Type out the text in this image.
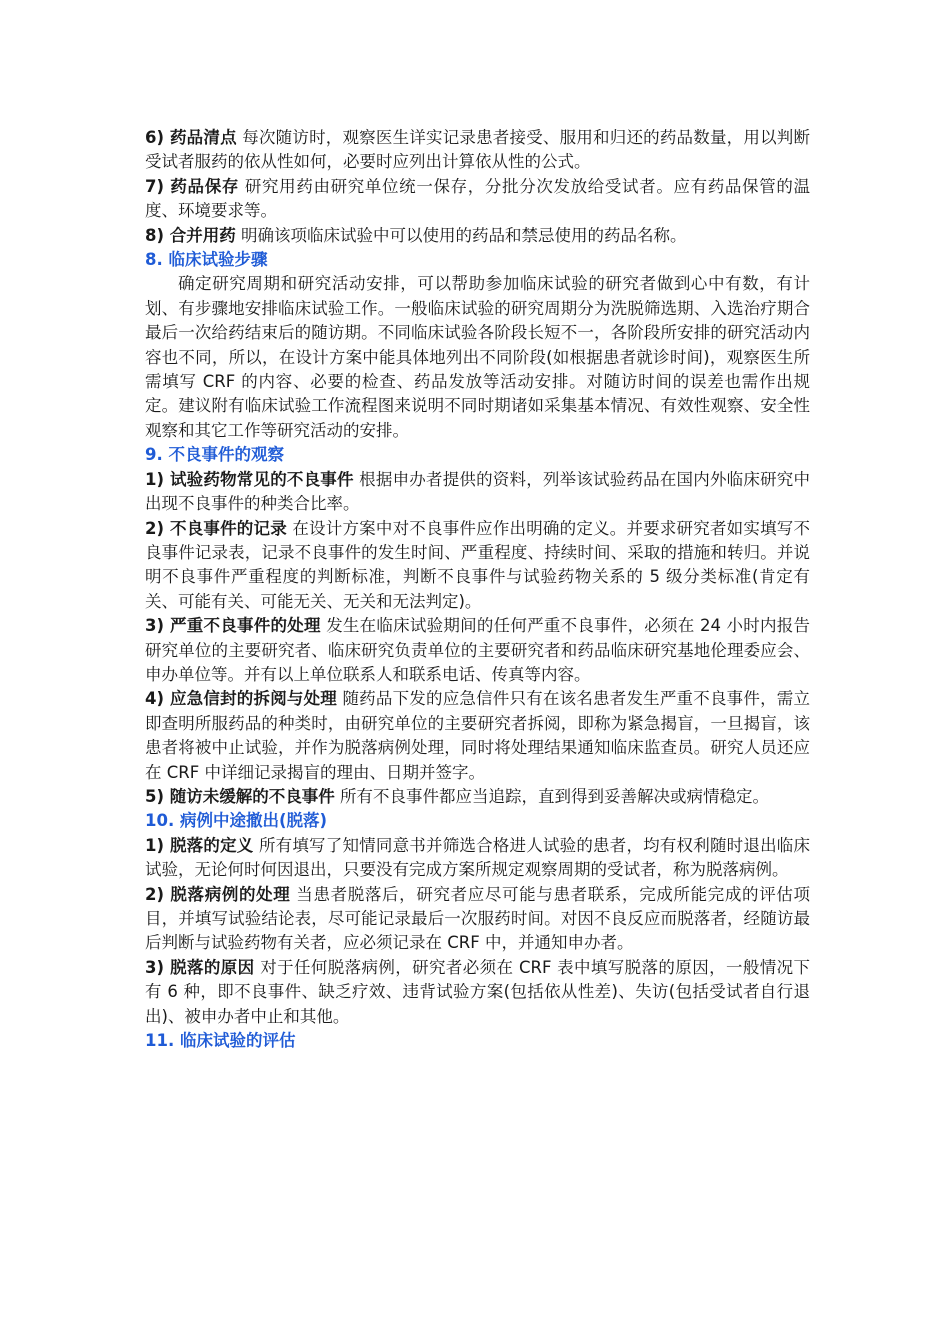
6) 药品清点 每次随访时，观察医生详实记录患者接受、服用和归还的药品数量，用以判断受试者服药的依从性如何，必要时应列出计算依从性的公式。

7) 药品保存 研究用药由研究单位统一保存，分批分次发放给受试者。应有药品保管的温度、环境要求等。

8) 合并用药 明确该项临床试验中可以使用的药品和禁忌使用的药品名称。

8. 临床试验步骤

确定研究周期和研究活动安排，可以帮助参加临床试验的研究者做到心中有数，有计划、有步骤地安排临床试验工作。一般临床试验的研究周期分为洗脱筛选期、入选治疗期合最后一次给药结束后的随访期。不同临床试验各阶段长短不一，各阶段所安排的研究活动内容也不同，所以，在设计方案中能具体地列出不同阶段(如根据患者就诊时间)，观察医生所需填写 CRF 的内容、必要的检查、药品发放等活动安排。对随访时间的误差也需作出规定。建议附有临床试验工作流程图来说明不同时期诸如采集基本情况、有效性观察、安全性观察和其它工作等研究活动的安排。

9. 不良事件的观察

1) 试验药物常见的不良事件 根据申办者提供的资料，列举该试验药品在国内外临床研究中出现不良事件的种类合比率。

2) 不良事件的记录 在设计方案中对不良事件应作出明确的定义。并要求研究者如实填写不良事件记录表，记录不良事件的发生时间、严重程度、持续时间、采取的措施和转归。并说明不良事件严重程度的判断标准，判断不良事件与试验药物关系的 5 级分类标准(肯定有关、可能有关、可能无关、无关和无法判定)。

3) 严重不良事件的处理 发生在临床试验期间的任何严重不良事件，必须在 24 小时内报告研究单位的主要研究者、临床研究负责单位的主要研究者和药品临床研究基地伦理委应会、申办单位等。并有以上单位联系人和联系电话、传真等内容。

4) 应急信封的拆阅与处理 随药品下发的应急信件只有在该名患者发生严重不良事件，需立即查明所服药品的种类时，由研究单位的主要研究者拆阅，即称为紧急揭盲，一旦揭盲，该患者将被中止试验，并作为脱落病例处理，同时将处理结果通知临床监查员。研究人员还应在 CRF 中详细记录揭盲的理由、日期并签字。

5) 随访未缓解的不良事件 所有不良事件都应当追踪，直到得到妥善解决或病情稳定。

10. 病例中途撤出(脱落)

1) 脱落的定义 所有填写了知情同意书并筛选合格进人试验的患者，均有权利随时退出临床试验，无论何时何因退出，只要没有完成方案所规定观察周期的受试者，称为脱落病例。

2) 脱落病例的处理 当患者脱落后，研究者应尽可能与患者联系，完成所能完成的评估项目，并填写试验结论表，尽可能记录最后一次服药时间。对因不良反应而脱落者，经随访最后判断与试验药物有关者，应必须记录在 CRF 中，并通知申办者。

3) 脱落的原因 对于任何脱落病例，研究者必须在 CRF 表中填写脱落的原因，一般情况下有 6 种，即不良事件、缺乏疗效、违背试验方案(包括依从性差)、失访(包括受试者自行退出)、被申办者中止和其他。

11. 临床试验的评估
